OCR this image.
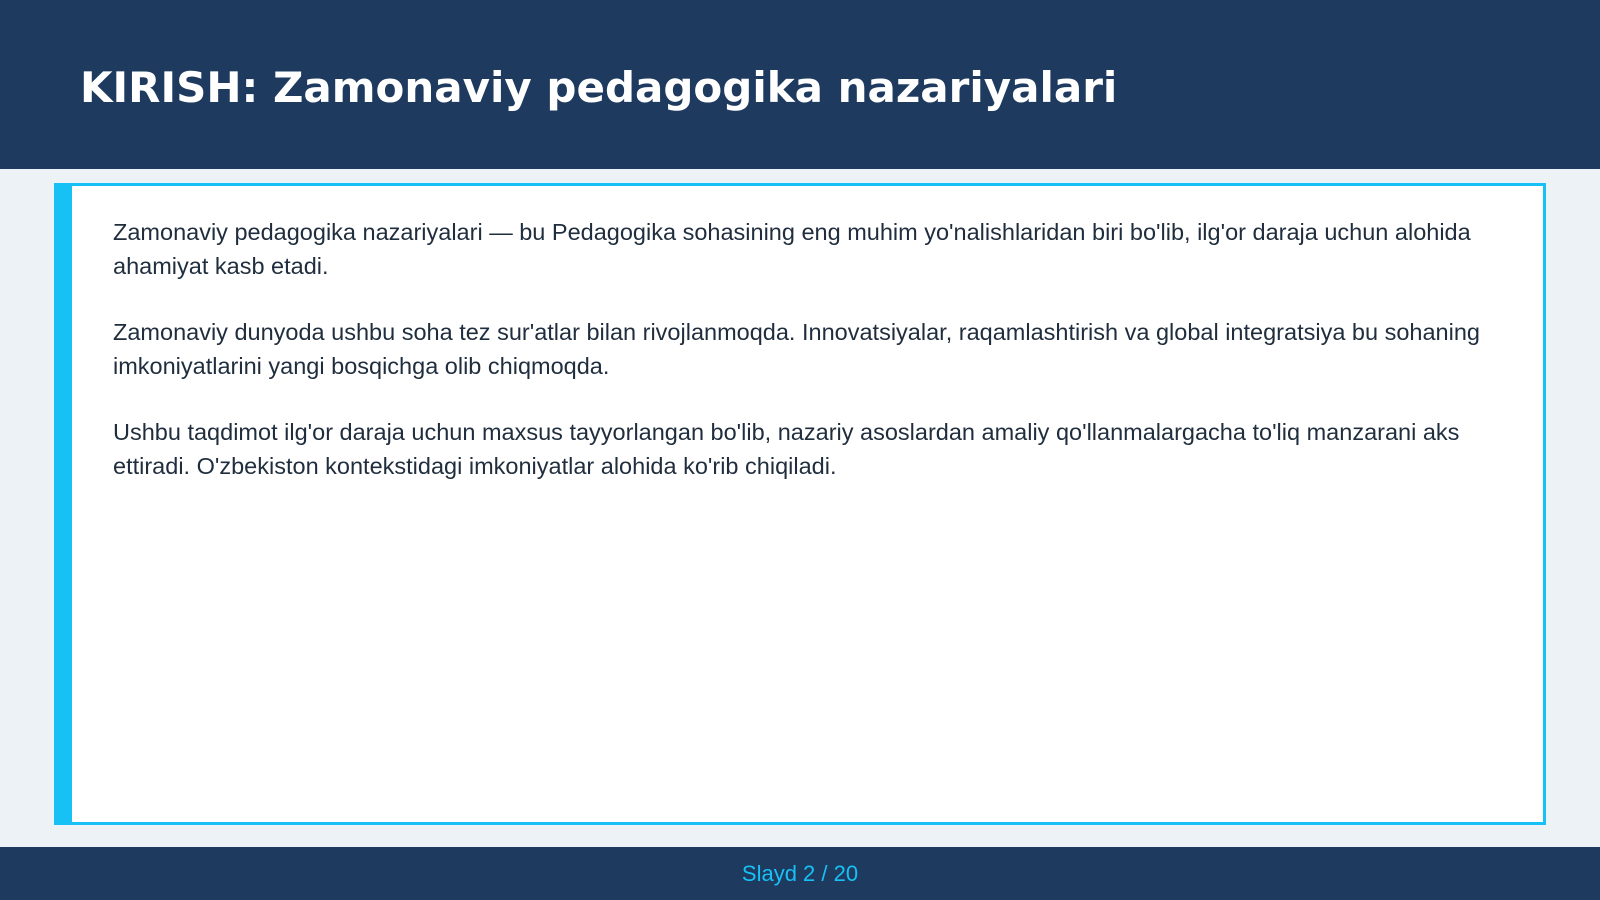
KIRISH: Zamonaviy pedagogika nazariyalari

Zamonaviy pedagogika nazariyalari — bu Pedagogika sohasining eng muhim yo'nalishlaridan biri bo'lib, ilg'or daraja uchun alohida ahamiyat kasb etadi.

Zamonaviy dunyoda ushbu soha tez sur'atlar bilan rivojlanmoqda. Innovatsiyalar, raqamlashtirish va global integratsiya bu sohaning imkoniyatlarini yangi bosqichga olib chiqmoqda.

Ushbu taqdimot ilg'or daraja uchun maxsus tayyorlangan bo'lib, nazariy asoslardan amaliy qo'llanmalargacha to'liq manzarani aks ettiradi. O'zbekiston kontekstidagi imkoniyatlar alohida ko'rib chiqiladi.

Slayd 2 / 20
